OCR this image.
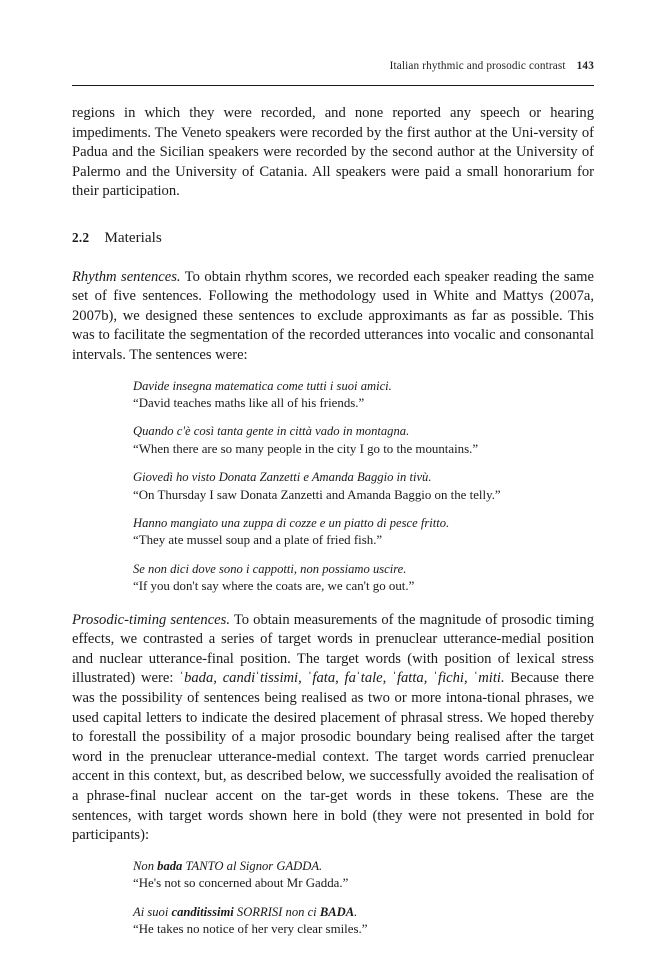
Italian rhythmic and prosodic contrast 143

regions in which they were recorded, and none reported any speech or hearing impediments. The Veneto speakers were recorded by the first author at the Uni-versity of Padua and the Sicilian speakers were recorded by the second author at the University of Palermo and the University of Catania. All speakers were paid a small honorarium for their participation.

2.2 Materials

Rhythm sentences. To obtain rhythm scores, we recorded each speaker reading the same set of five sentences. Following the methodology used in White and Mattys (2007a, 2007b), we designed these sentences to exclude approximants as far as possible. This was to facilitate the segmentation of the recorded utterances into vocalic and consonantal intervals. The sentences were:

Davide insegna matematica come tutti i suoi amici.
“David teaches maths like all of his friends.”
Quando c'è così tanta gente in città vado in montagna.
“When there are so many people in the city I go to the mountains.”
Giovedì ho visto Donata Zanzetti e Amanda Baggio in tivù.
“On Thursday I saw Donata Zanzetti and Amanda Baggio on the telly.”
Hanno mangiato una zuppa di cozze e un piatto di pesce fritto.
“They ate mussel soup and a plate of fried fish.”
Se non dici dove sono i cappotti, non possiamo uscire.
“If you don't say where the coats are, we can't go out.”

Prosodic-timing sentences. To obtain measurements of the magnitude of prosodic timing effects, we contrasted a series of target words in prenuclear utterance-medial position and nuclear utterance-final position. The target words (with position of lexical stress illustrated) were: ˈbada, candiˈtissimi, ˈfata, faˈtale, ˈfatta, ˈfichi, ˈmiti. Because there was the possibility of sentences being realised as two or more intona-tional phrases, we used capital letters to indicate the desired placement of phrasal stress. We hoped thereby to forestall the possibility of a major prosodic boundary being realised after the target word in the prenuclear utterance-medial context. The target words carried prenuclear accent in this context, but, as described below, we successfully avoided the realisation of a phrase-final nuclear accent on the tar-get words in these tokens. These are the sentences, with target words shown here in bold (they were not presented in bold for participants):

Non bada TANTO al Signor GADDA.
“He's not so concerned about Mr Gadda.”
Ai suoi canditissimi SORRISI non ci BADA.
“He takes no notice of her very clear smiles.”
